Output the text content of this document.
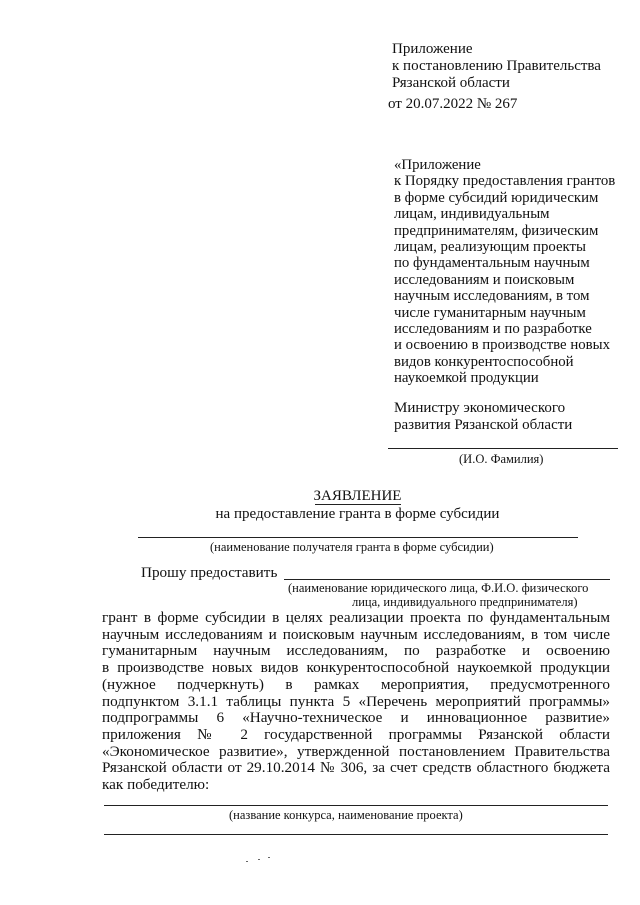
Приложение
к постановлению Правительства
Рязанской области
от 20.07.2022 № 267
«Приложение
к Порядку предоставления грантов
в форме субсидий юридическим
лицам, индивидуальным
предпринимателям, физическим
лицам, реализующим проекты
по фундаментальным научным
исследованиям и поисковым
научным исследованиям, в том
числе гуманитарным научным
исследованиям и по разработке
и освоению в производстве новых
видов конкурентоспособной
наукоемкой продукции
Министру экономического
развития Рязанской области
(И.О. Фамилия)
ЗАЯВЛЕНИЕ
на предоставление гранта в форме субсидии
(наименование получателя гранта в форме субсидии)
Прошу предоставить
(наименование юридического лица, Ф.И.О. физического
лица, индивидуального предпринимателя)
грант в форме субсидии в целях реализации проекта по фундаментальным
научным исследованиям и поисковым научным исследованиям, в том числе
гуманитарным научным исследованиям, по разработке и освоению
в производстве новых видов конкурентоспособной наукоемкой продукции
(нужное подчеркнуть) в рамках мероприятия, предусмотренного
подпунктом 3.1.1 таблицы пункта 5 «Перечень мероприятий программы»
подпрограммы 6 «Научно-техническое и инновационное развитие»
приложения № 2 государственной программы Рязанской области
«Экономическое развитие», утвержденной постановлением Правительства
Рязанской области от 29.10.2014 № 306, за счет средств областного бюджета
как победителю:
(название конкурса, наименование проекта)
